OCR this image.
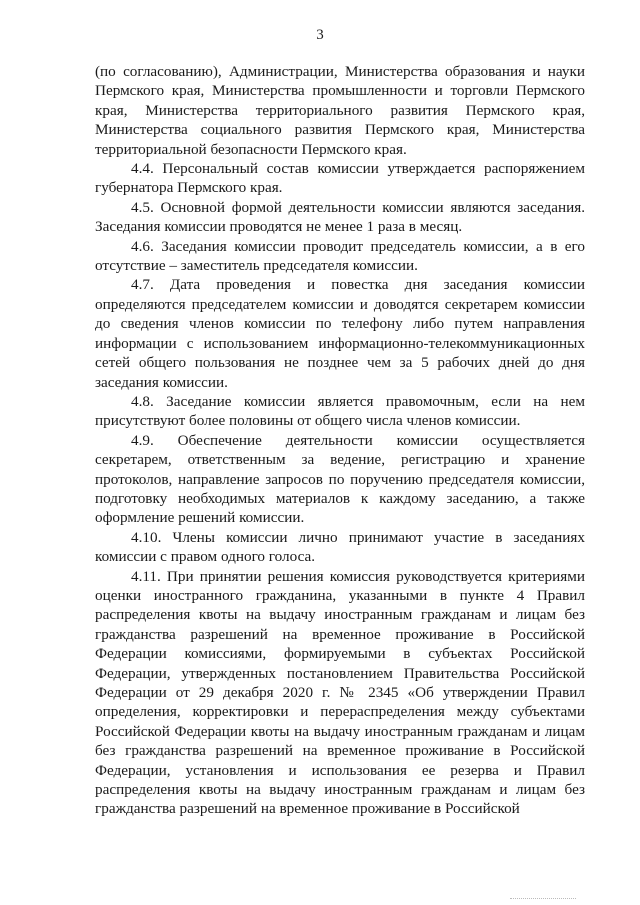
3

(по согласованию), Администрации, Министерства образования и науки Пермского края, Министерства промышленности и торговли Пермского края, Министерства территориального развития Пермского края, Министерства социального развития Пермского края, Министерства территориальной безопасности Пермского края.

4.4. Персональный состав комиссии утверждается распоряжением губернатора Пермского края.

4.5. Основной формой деятельности комиссии являются заседания. Заседания комиссии проводятся не менее 1 раза в месяц.

4.6. Заседания комиссии проводит председатель комиссии, а в его отсутствие – заместитель председателя комиссии.

4.7. Дата проведения и повестка дня заседания комиссии определяются председателем комиссии и доводятся секретарем комиссии до сведения членов комиссии по телефону либо путем направления информации с использованием информационно-телекоммуникационных сетей общего пользования не позднее чем за 5 рабочих дней до дня заседания комиссии.

4.8. Заседание комиссии является правомочным, если на нем присутствуют более половины от общего числа членов комиссии.

4.9. Обеспечение деятельности комиссии осуществляется секретарем, ответственным за ведение, регистрацию и хранение протоколов, направление запросов по поручению председателя комиссии, подготовку необходимых материалов к каждому заседанию, а также оформление решений комиссии.

4.10. Члены комиссии лично принимают участие в заседаниях комиссии с правом одного голоса.

4.11. При принятии решения комиссия руководствуется критериями оценки иностранного гражданина, указанными в пункте 4 Правил распределения квоты на выдачу иностранным гражданам и лицам без гражданства разрешений на временное проживание в Российской Федерации комиссиями, формируемыми в субъектах Российской Федерации, утвержденных постановлением Правительства Российской Федерации от 29 декабря 2020 г. № 2345 «Об утверждении Правил определения, корректировки и перераспределения между субъектами Российской Федерации квоты на выдачу иностранным гражданам и лицам без гражданства разрешений на временное проживание в Российской Федерации, установления и использования ее резерва и Правил распределения квоты на выдачу иностранным гражданам и лицам без гражданства разрешений на временное проживание в Российской
